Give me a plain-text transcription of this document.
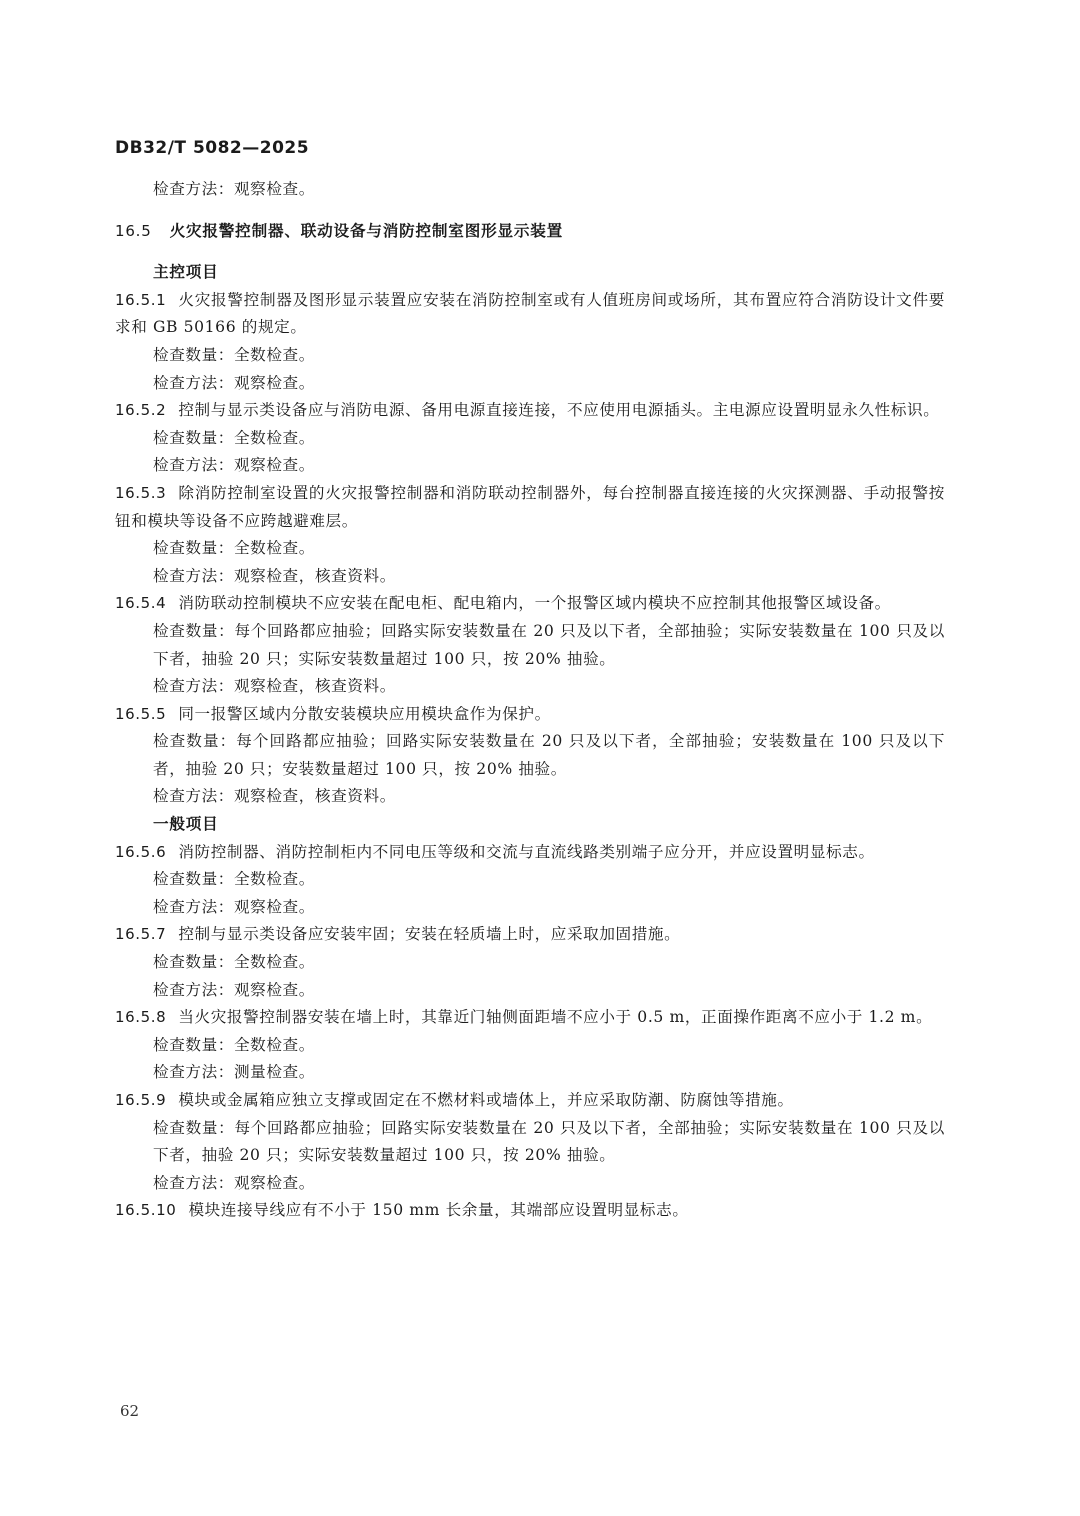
DB32/T 5082—2025
检查方法：观察检查。
16.5 火灾报警控制器、联动设备与消防控制室图形显示装置
主控项目
16.5.1 火灾报警控制器及图形显示装置应安装在消防控制室或有人值班房间或场所，其布置应符合消防设计文件要求和 GB 50166 的规定。
检查数量：全数检查。
检查方法：观察检查。
16.5.2 控制与显示类设备应与消防电源、备用电源直接连接，不应使用电源插头。主电源应设置明显永久性标识。
检查数量：全数检查。
检查方法：观察检查。
16.5.3 除消防控制室设置的火灾报警控制器和消防联动控制器外，每台控制器直接连接的火灾探测器、手动报警按钮和模块等设备不应跨越避难层。
检查数量：全数检查。
检查方法：观察检查，核查资料。
16.5.4 消防联动控制模块不应安装在配电柜、配电箱内，一个报警区域内模块不应控制其他报警区域设备。
检查数量：每个回路都应抽验；回路实际安装数量在 20 只及以下者，全部抽验；实际安装数量在 100 只及以下者，抽验 20 只；实际安装数量超过 100 只，按 20% 抽验。
检查方法：观察检查，核查资料。
16.5.5 同一报警区域内分散安装模块应用模块盒作为保护。
检查数量：每个回路都应抽验；回路实际安装数量在 20 只及以下者，全部抽验；安装数量在 100 只及以下者，抽验 20 只；安装数量超过 100 只，按 20% 抽验。
检查方法：观察检查，核查资料。
一般项目
16.5.6 消防控制器、消防控制柜内不同电压等级和交流与直流线路类别端子应分开，并应设置明显标志。
检查数量：全数检查。
检查方法：观察检查。
16.5.7 控制与显示类设备应安装牢固；安装在轻质墙上时，应采取加固措施。
检查数量：全数检查。
检查方法：观察检查。
16.5.8 当火灾报警控制器安装在墙上时，其靠近门轴侧面距墙不应小于 0.5 m，正面操作距离不应小于 1.2 m。
检查数量：全数检查。
检查方法：测量检查。
16.5.9 模块或金属箱应独立支撑或固定在不燃材料或墙体上，并应采取防潮、防腐蚀等措施。
检查数量：每个回路都应抽验；回路实际安装数量在 20 只及以下者，全部抽验；实际安装数量在 100 只及以下者，抽验 20 只；实际安装数量超过 100 只，按 20% 抽验。
检查方法：观察检查。
16.5.10 模块连接导线应有不小于 150 mm 长余量，其端部应设置明显标志。
62
